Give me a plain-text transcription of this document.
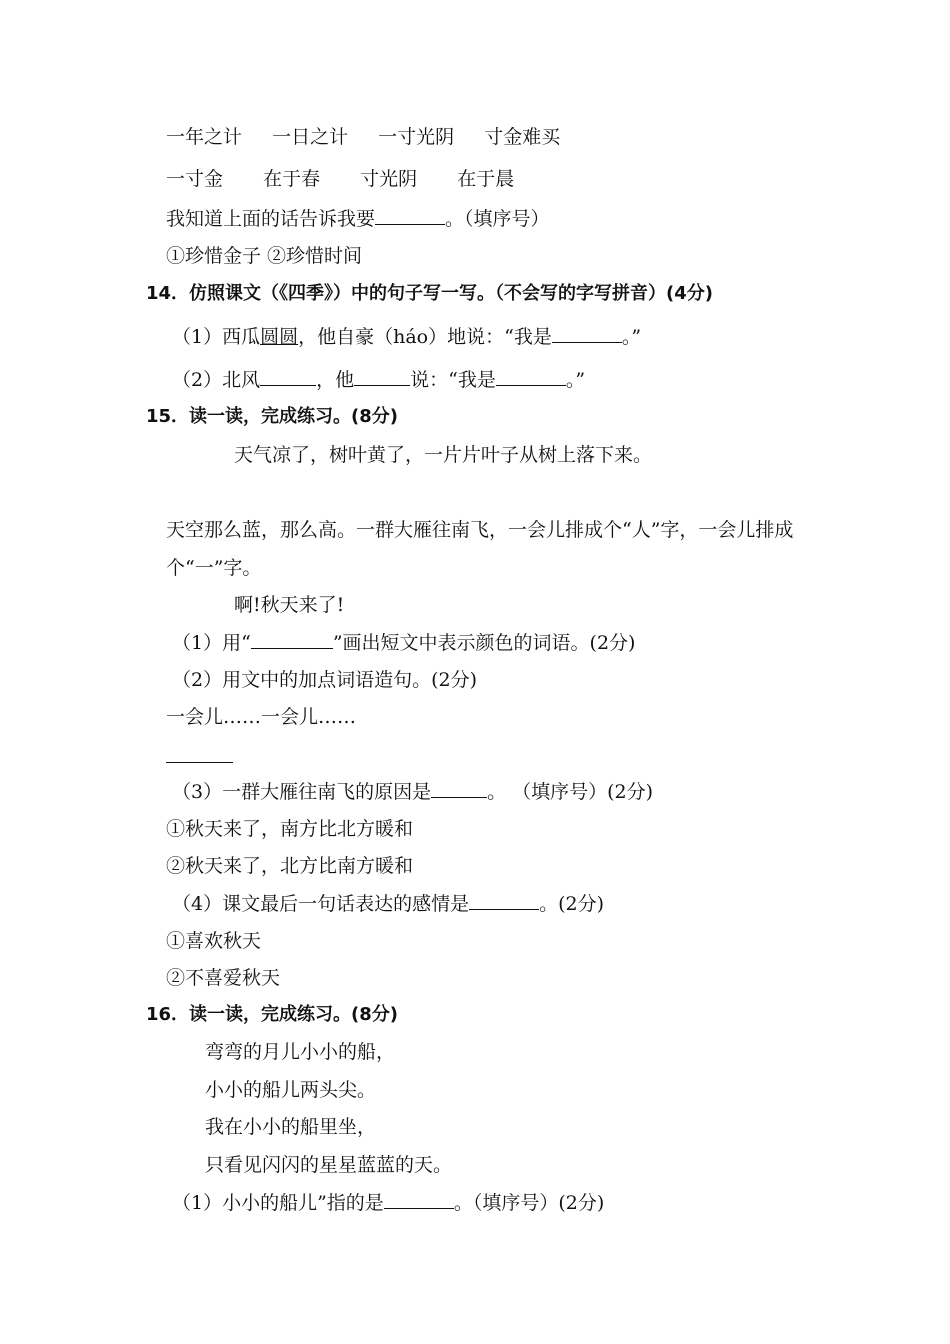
一年之计 一日之计 一寸光阴 寸金难买
一寸金 在于春 寸光阴 在于晨
我知道上面的话告诉我要	。（填序号）
①珍惜金子 ②珍惜时间
14．仿照课文（《四季》）中的句子写一写。（不会写的字写拼音）(4分)
（1）西瓜圆圆，他自豪（háo）地说：“我是	。”
（2）北风	，他	说：“我是	。”
15．读一读，完成练习。(8分)
天气凉了，树叶黄了，一片片叶子从树上落下来。
天空那么蓝，那么高。一群大雁往南飞，一会儿排成个“人”字，一会儿排成
个“一”字。
啊!秋天来了!
（1）用“	”画出短文中表示颜色的词语。(2分)
（2）用文中的加点词语造句。(2分)
一会儿……一会儿……
（3）一群大雁往南飞的原因是	。 （填序号）(2分)
①秋天来了，南方比北方暖和
②秋天来了，北方比南方暖和
（4）课文最后一句话表达的感情是	。(2分)
①喜欢秋天
②不喜爱秋天
16．读一读，完成练习。(8分)
弯弯的月儿小小的船，
小小的船儿两头尖。
我在小小的船里坐，
只看见闪闪的星星蓝蓝的天。
（1）小小的船儿”指的是	。（填序号）(2分)
